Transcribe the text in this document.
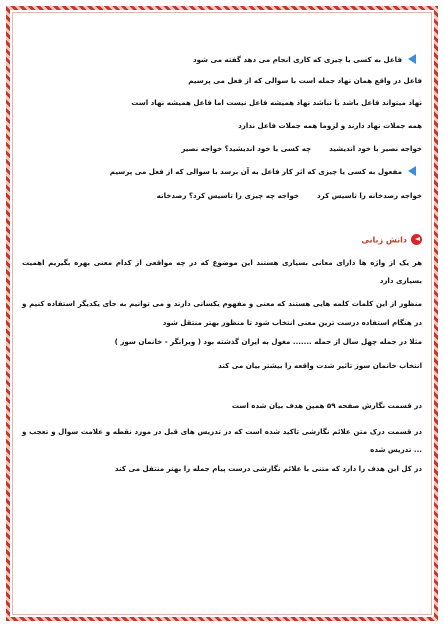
فاعل به کسی یا چیزی که کاری انجام می دهد گفته می شود
فاعل در واقع همان نهاد جمله است با سوالی که از فعل می پرسیم
نهاد میتواند فاعل باشد یا نباشد نهاد همیشه فاعل نیست اما فاعل همیشه نهاد است
همه جملات نهاد دارند و لزوما همه جملات فاعل ندارد
خواجه نصیر با خود اندیشیدچه کسی با خود اندیشید؟ خواجه نصیر
مفعول به کسی یا چیزی که اثر کار فاعل به آن برسد با سوالی که از فعل می پرسیم
خواجه رصدخانه را تاسیس کردخواجه چه چیزی را تاسیس کرد؟ رصدخانه
دانش زبانی
هر یک از واژه ها دارای معانی بسیاری هستند این موضوع که در چه مواقعی از کدام معنی بهره بگیریم اهمیت بسیاری دارد
منظور از این کلمات کلمه هایی هستند که معنی و مفهوم یکسانی دارند و می توانیم به جای یکدیگر استفاده کنیم و در هنگام استفاده درست ترین معنی انتخاب شود تا منظور بهتر منتقل شود
مثلا در جمله چهل سال از حمله ....... مغول به ایران گذشته بود ( ویرانگر - خانمان سوز )
انتخاب خانمان سوز تاثیر شدت واقعه را بیشتر بیان می کند
در قسمت نگارش صفحه ۵۹ همین هدف بیان شده است
در قسمت درک متن علائم نگارشی تاکید شده است که در تدریس های قبل در مورد نقطه و علامت سوال و تعجب و ... تدریس شده
در کل این هدف را دارد که متنی با علائم نگارشی درست پیام جمله را بهتر منتقل می کند
